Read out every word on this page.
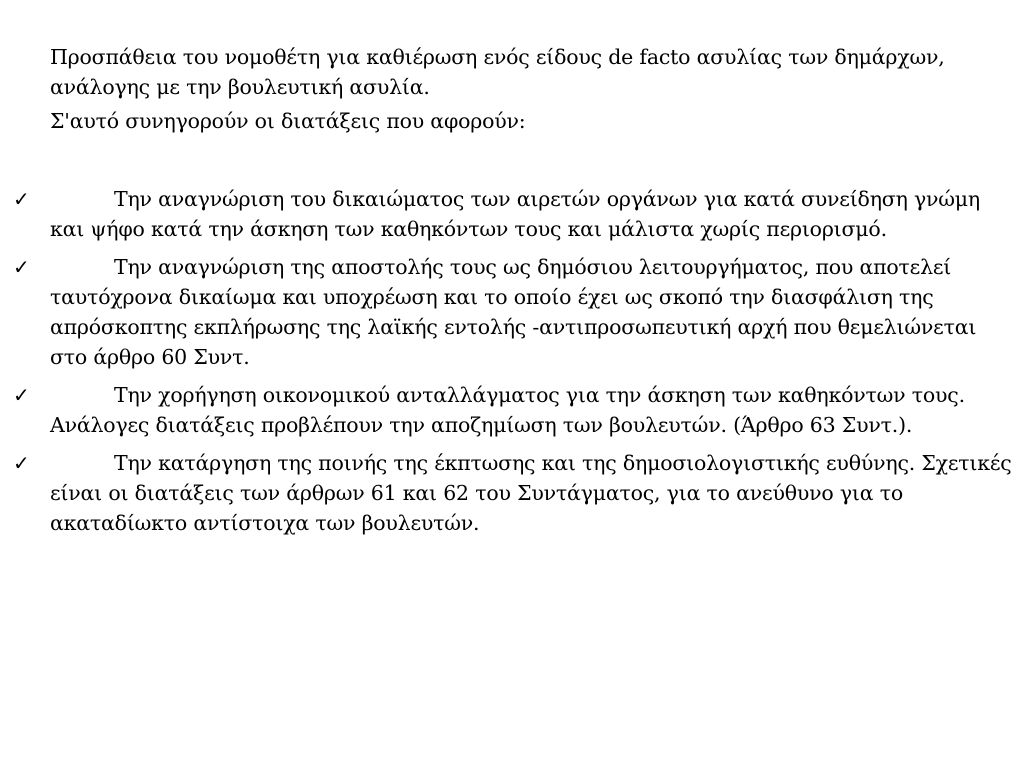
Προσπάθεια του νομοθέτη για καθιέρωση ενός είδους de facto ασυλίας των δημάρχων, ανάλογης με την βουλευτική ασυλία.

Σ'αυτό συνηγορούν οι διατάξεις που αφορούν:

✓	Την αναγνώριση του δικαιώματος των αιρετών οργάνων για κατά συνείδηση γνώμη και ψήφο κατά την άσκηση των καθηκόντων τους και μάλιστα χωρίς περιορισμό.
✓	Την αναγνώριση της αποστολής τους ως δημόσιου λειτουργήματος, που αποτελεί ταυτόχρονα δικαίωμα και υποχρέωση και το οποίο έχει ως σκοπό την διασφάλιση της απρόσκοπτης εκπλήρωσης της λαϊκής εντολής -αντιπροσωπευτική αρχή που θεμελιώνεται στο άρθρο 60 Συντ.
✓	Την χορήγηση οικονομικού ανταλλάγματος για την άσκηση των καθηκόντων τους. Ανάλογες διατάξεις προβλέπουν την αποζημίωση των βουλευτών. (Άρθρο 63 Συντ.).
✓	Την κατάργηση της ποινής της έκπτωσης και της δημοσιολογιστικής ευθύνης. Σχετικές είναι οι διατάξεις των άρθρων 61 και 62 του Συντάγματος, για το ανεύθυνο για το ακαταδίωκτο αντίστοιχα των βουλευτών.
